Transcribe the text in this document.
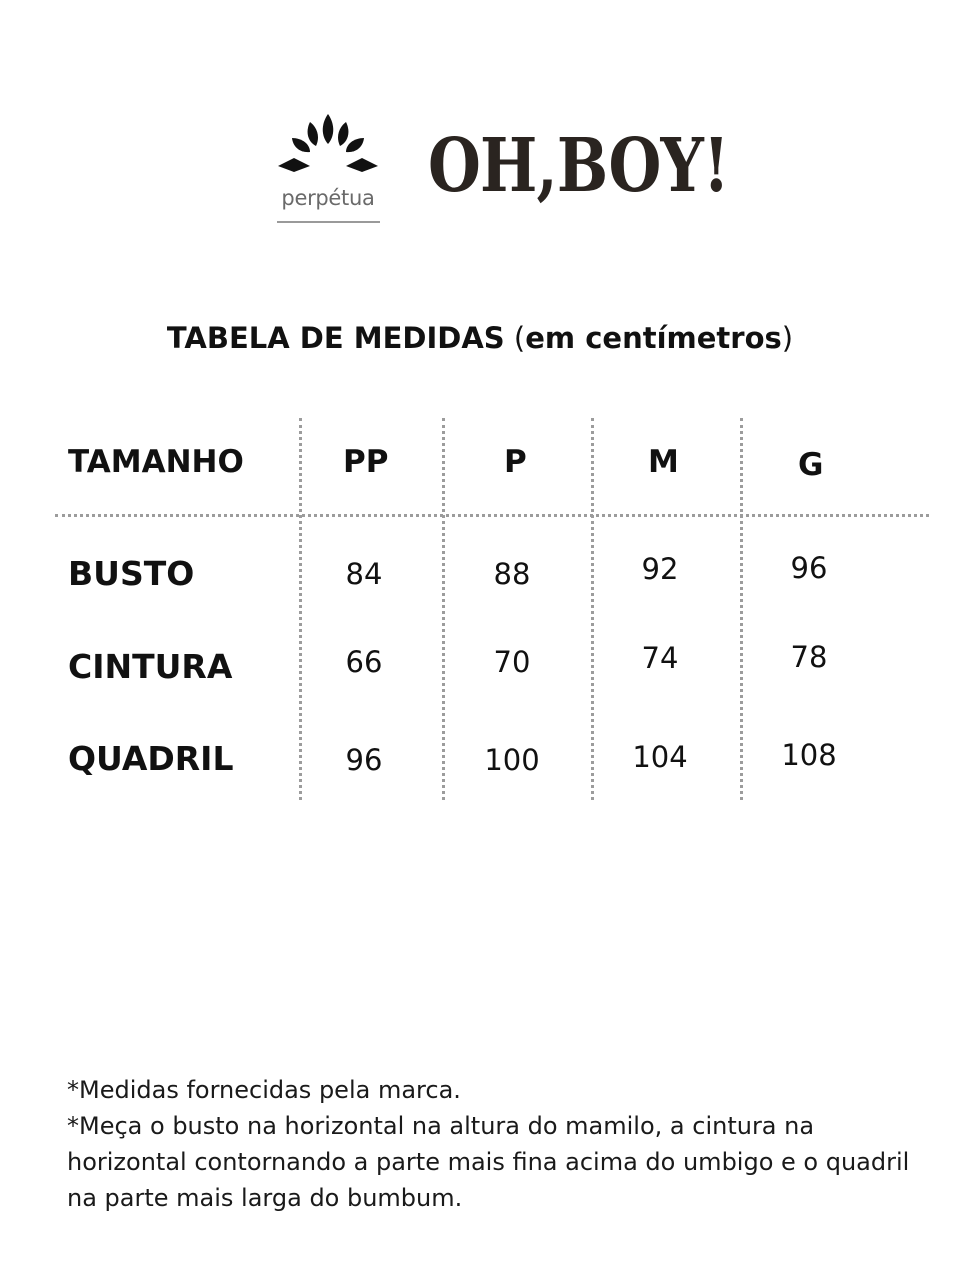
perpétua OH,BOY!
TABELA DE MEDIDAS (em centímetros)
TAMANHO	PP	P	M	G
BUSTO	84	88	92	96
CINTURA	66	70	74	78
QUADRIL	96	100	104	108

*Medidas fornecidas pela marca.

*Meça o busto na horizontal na altura do mamilo, a cintura na horizontal contornando a parte mais fina acima do umbigo e o quadril na parte mais larga do bumbum.
